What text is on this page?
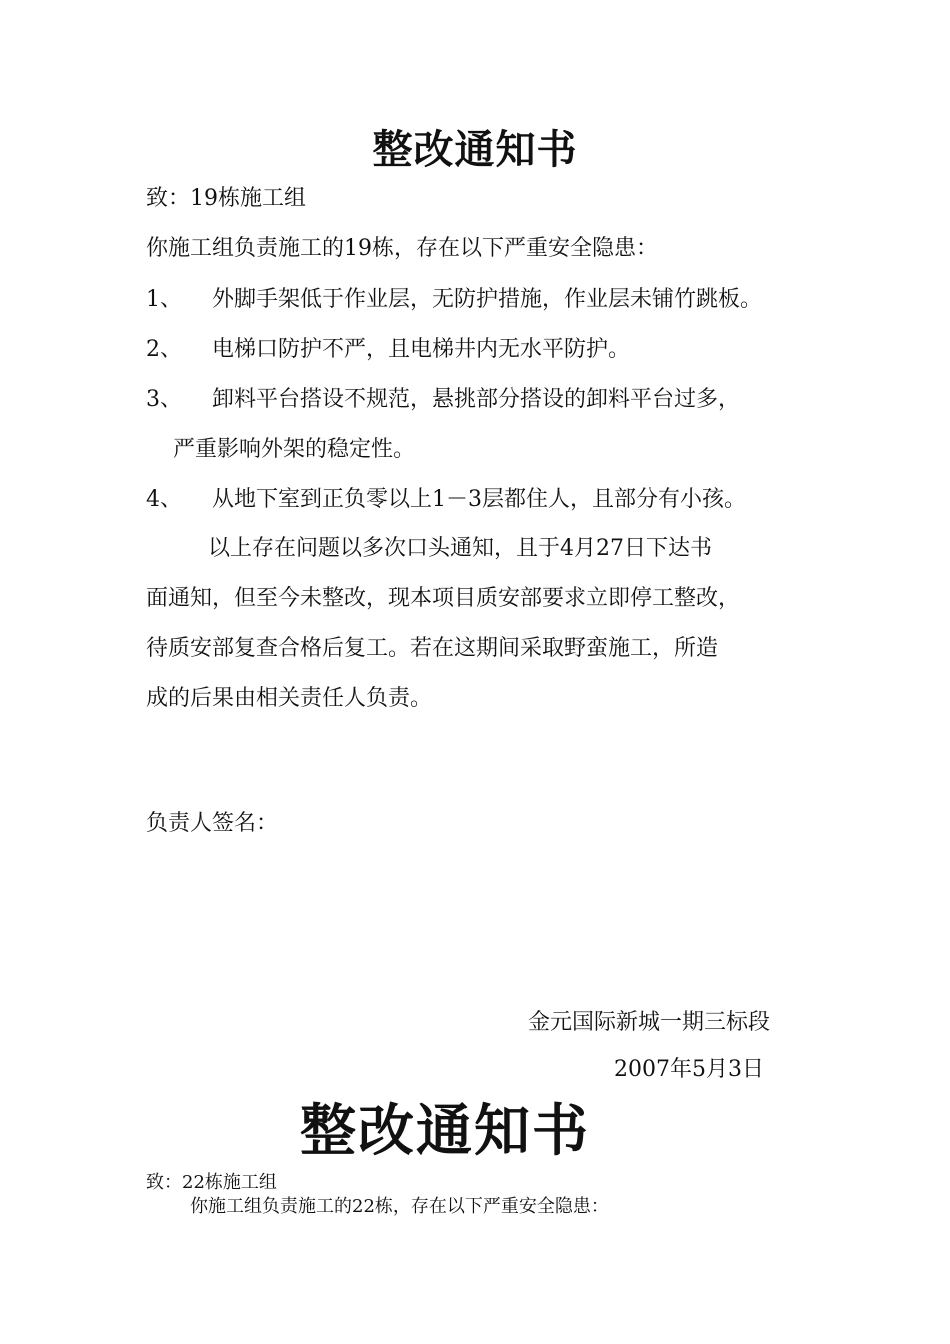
整改通知书

致：19栋施工组

你施工组负责施工的19栋，存在以下严重安全隐患：

1、 外脚手架低于作业层，无防护措施，作业层未铺竹跳板。

2、 电梯口防护不严，且电梯井内无水平防护。

3、 卸料平台搭设不规范，悬挑部分搭设的卸料平台过多，

严重影响外架的稳定性。

4、 从地下室到正负零以上1－3层都住人，且部分有小孩。

以上存在问题以多次口头通知，且于4月27日下达书

面通知，但至今未整改，现本项目质安部要求立即停工整改，

待质安部复查合格后复工。若在这期间采取野蛮施工，所造

成的后果由相关责任人负责。

负责人签名：

金元国际新城一期三标段

2007年5月3日

整改通知书

致：22栋施工组

你施工组负责施工的22栋，存在以下严重安全隐患：
